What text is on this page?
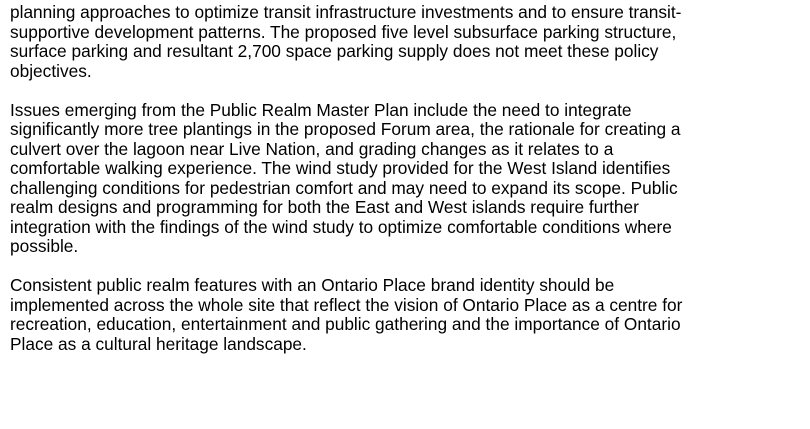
planning approaches to optimize transit infrastructure investments and to ensure transit-
supportive development patterns. The proposed five level subsurface parking structure,
surface parking and resultant 2,700 space parking supply does not meet these policy
objectives.

Issues emerging from the Public Realm Master Plan include the need to integrate
significantly more tree plantings in the proposed Forum area, the rationale for creating a
culvert over the lagoon near Live Nation, and grading changes as it relates to a
comfortable walking experience. The wind study provided for the West Island identifies
challenging conditions for pedestrian comfort and may need to expand its scope. Public
realm designs and programming for both the East and West islands require further
integration with the findings of the wind study to optimize comfortable conditions where
possible.

Consistent public realm features with an Ontario Place brand identity should be
implemented across the whole site that reflect the vision of Ontario Place as a centre for
recreation, education, entertainment and public gathering and the importance of Ontario
Place as a cultural heritage landscape.
